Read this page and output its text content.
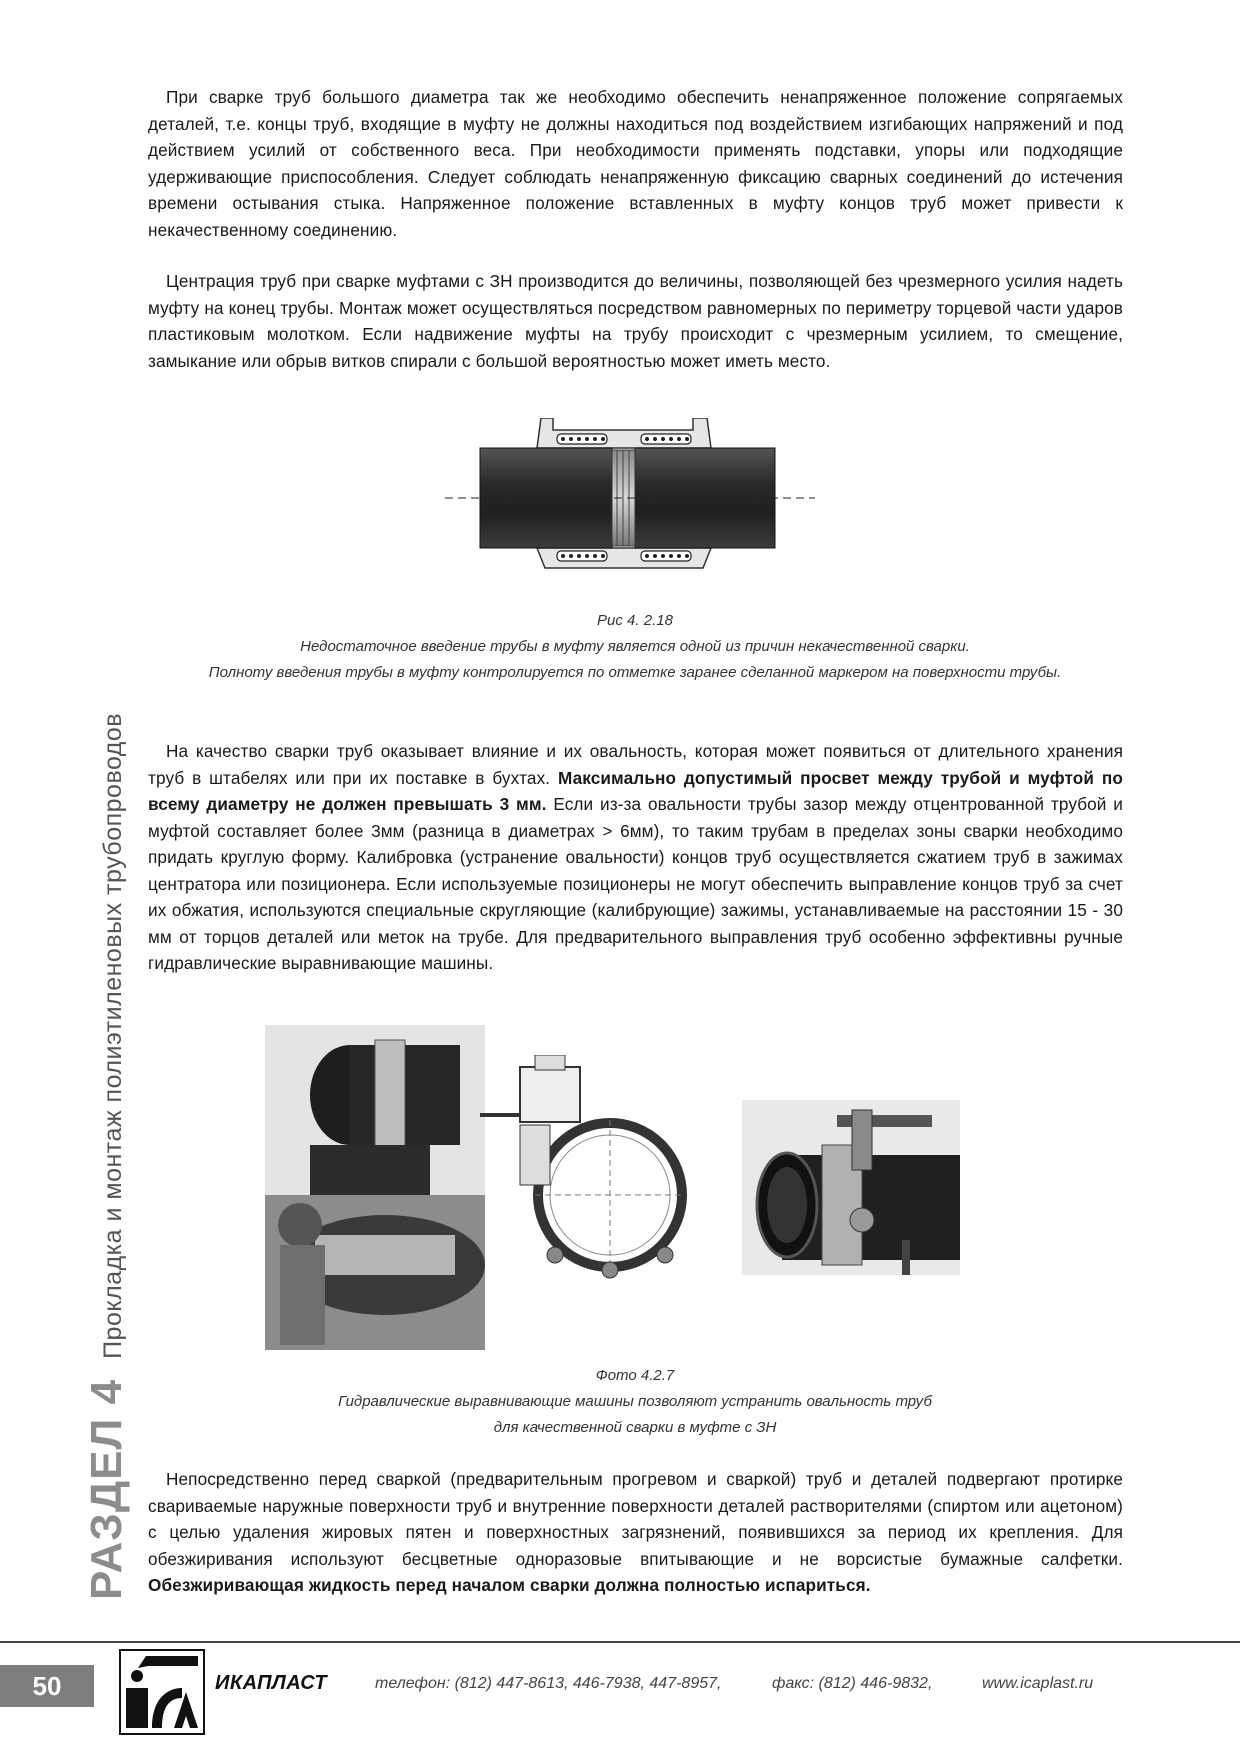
При сварке труб большого диаметра так же необходимо обеспечить ненапряженное положение сопрягаемых деталей, т.е. концы труб, входящие в муфту не должны находиться под воздействием изгибающих напряжений и под действием усилий от собственного веса. При необходимости применять подставки, упоры или подходящие удерживающие приспособления. Следует соблюдать ненапряженную фиксацию сварных соединений до истечения времени остывания стыка. Напряженное положение вставленных в муфту концов труб может привести к некачественному соединению.

Центрация труб при сварке муфтами с ЗН производится до величины, позволяющей без чрезмерного усилия надеть муфту на конец трубы. Монтаж может осуществляться посредством равномерных по периметру торцевой части ударов пластиковым молотком. Если надвижение муфты на трубу происходит с чрезмерным усилием, то смещение, замыкание или обрыв витков спирали с большой вероятностью может иметь место.

Рис 4. 2.18
Недостаточное введение трубы в муфту является одной из причин некачественной сварки.
Полноту введения трубы в муфту контролируется по отметке заранее сделанной маркером на поверхности трубы.

На качество сварки труб оказывает влияние и их овальность, которая может появиться от длительного хранения труб в штабелях или при их поставке в бухтах. Максимально допустимый просвет между трубой и муфтой по всему диаметру не должен превышать 3 мм. Если из-за овальности трубы зазор между отцентрованной трубой и муфтой составляет более 3мм (разница в диаметрах > 6мм), то таким трубам в пределах зоны сварки необходимо придать круглую форму. Калибровка (устранение овальности) концов труб осуществляется сжатием труб в зажимах центратора или позиционера. Если используемые позиционеры не могут обеспечить выправление концов труб за счет их обжатия, используются специальные скругляющие (калибрующие) зажимы, устанавливаемые на расстоянии 15 - 30 мм от торцов деталей или меток на трубе. Для предварительного выправления труб особенно эффективны ручные гидравлические выравнивающие машины.

Фото 4.2.7
Гидравлические выравнивающие машины позволяют устранить овальность труб
для качественной сварки в муфте с ЗН

Непосредственно перед сваркой (предварительным прогревом и сваркой) труб и деталей подвергают протирке свариваемые наружные поверхности труб и внутренние поверхности деталей растворителями (спиртом или ацетоном) с целью удаления жировых пятен и поверхностных загрязнений, появившихся за период их крепления. Для обезжиривания используют бесцветные одноразовые впитывающие и не ворсистые бумажные салфетки. Обезжиривающая жидкость перед началом сварки должна полностью испариться.

РАЗДЕЛ 4Прокладка и монтаж полиэтиленовых трубопроводов
50	ИКАПЛАСТ	телефон: (812) 447-8613, 446-7938, 447-8957,	факс: (812) 446-9832,	www.icaplast.ru
